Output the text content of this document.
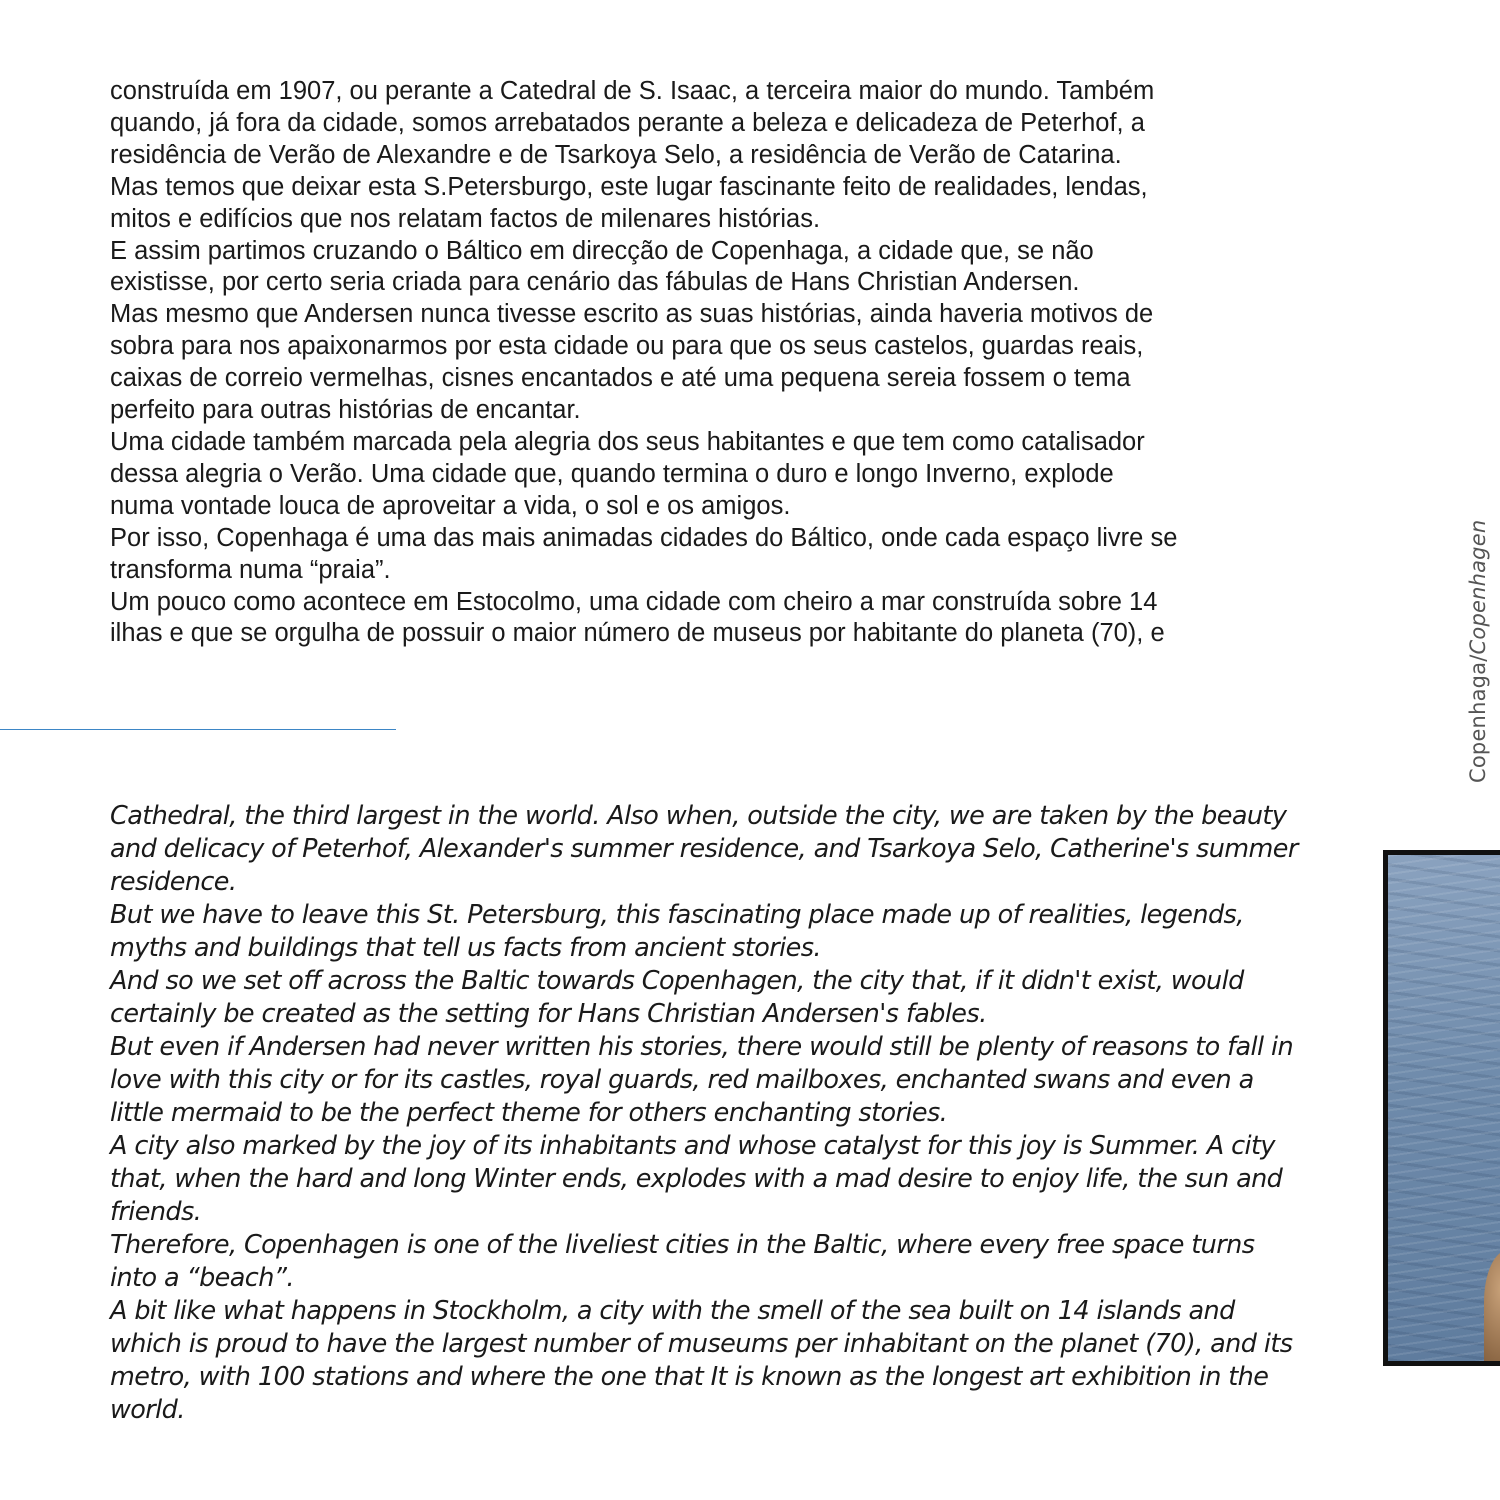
construída em 1907, ou perante a Catedral de S. Isaac, a terceira maior do mundo. Também
quando, já fora da cidade, somos arrebatados perante a beleza e delicadeza de Peterhof, a
residência de Verão de Alexandre e de Tsarkoya Selo, a residência de Verão de Catarina.
Mas temos que deixar esta S.Petersburgo, este lugar fascinante feito de realidades, lendas,
mitos e edifícios que nos relatam factos de milenares histórias.
E assim partimos cruzando o Báltico em direcção de Copenhaga, a cidade que, se não
existisse, por certo seria criada para cenário das fábulas de Hans Christian Andersen.
Mas mesmo que Andersen nunca tivesse escrito as suas histórias, ainda haveria motivos de
sobra para nos apaixonarmos por esta cidade ou para que os seus castelos, guardas reais,
caixas de correio vermelhas, cisnes encantados e até uma pequena sereia fossem o tema
perfeito para outras histórias de encantar.
Uma cidade também marcada pela alegria dos seus habitantes e que tem como catalisador
dessa alegria o Verão. Uma cidade que, quando termina o duro e longo Inverno, explode
numa vontade louca de aproveitar a vida, o sol e os amigos.
Por isso, Copenhaga é uma das mais animadas cidades do Báltico, onde cada espaço livre se
transforma numa “praia”.
Um pouco como acontece em Estocolmo, uma cidade com cheiro a mar construída sobre 14
ilhas e que se orgulha de possuir o maior número de museus por habitante do planeta (70), e
Copenhaga/Copenhagen
Cathedral, the third largest in the world. Also when, outside the city, we are taken by the beauty
and delicacy of Peterhof, Alexander's summer residence, and Tsarkoya Selo, Catherine's summer
residence.
But we have to leave this St. Petersburg, this fascinating place made up of realities, legends,
myths and buildings that tell us facts from ancient stories.
And so we set off across the Baltic towards Copenhagen, the city that, if it didn't exist, would
certainly be created as the setting for Hans Christian Andersen's fables.
But even if Andersen had never written his stories, there would still be plenty of reasons to fall in
love with this city or for its castles, royal guards, red mailboxes, enchanted swans and even a
little mermaid to be the perfect theme for others enchanting stories.
A city also marked by the joy of its inhabitants and whose catalyst for this joy is Summer. A city
that, when the hard and long Winter ends, explodes with a mad desire to enjoy life, the sun and
friends.
Therefore, Copenhagen is one of the liveliest cities in the Baltic, where every free space turns
into a “beach”.
A bit like what happens in Stockholm, a city with the smell of the sea built on 14 islands and
which is proud to have the largest number of museums per inhabitant on the planet (70), and its
metro, with 100 stations and where the one that It is known as the longest art exhibition in the
world.
